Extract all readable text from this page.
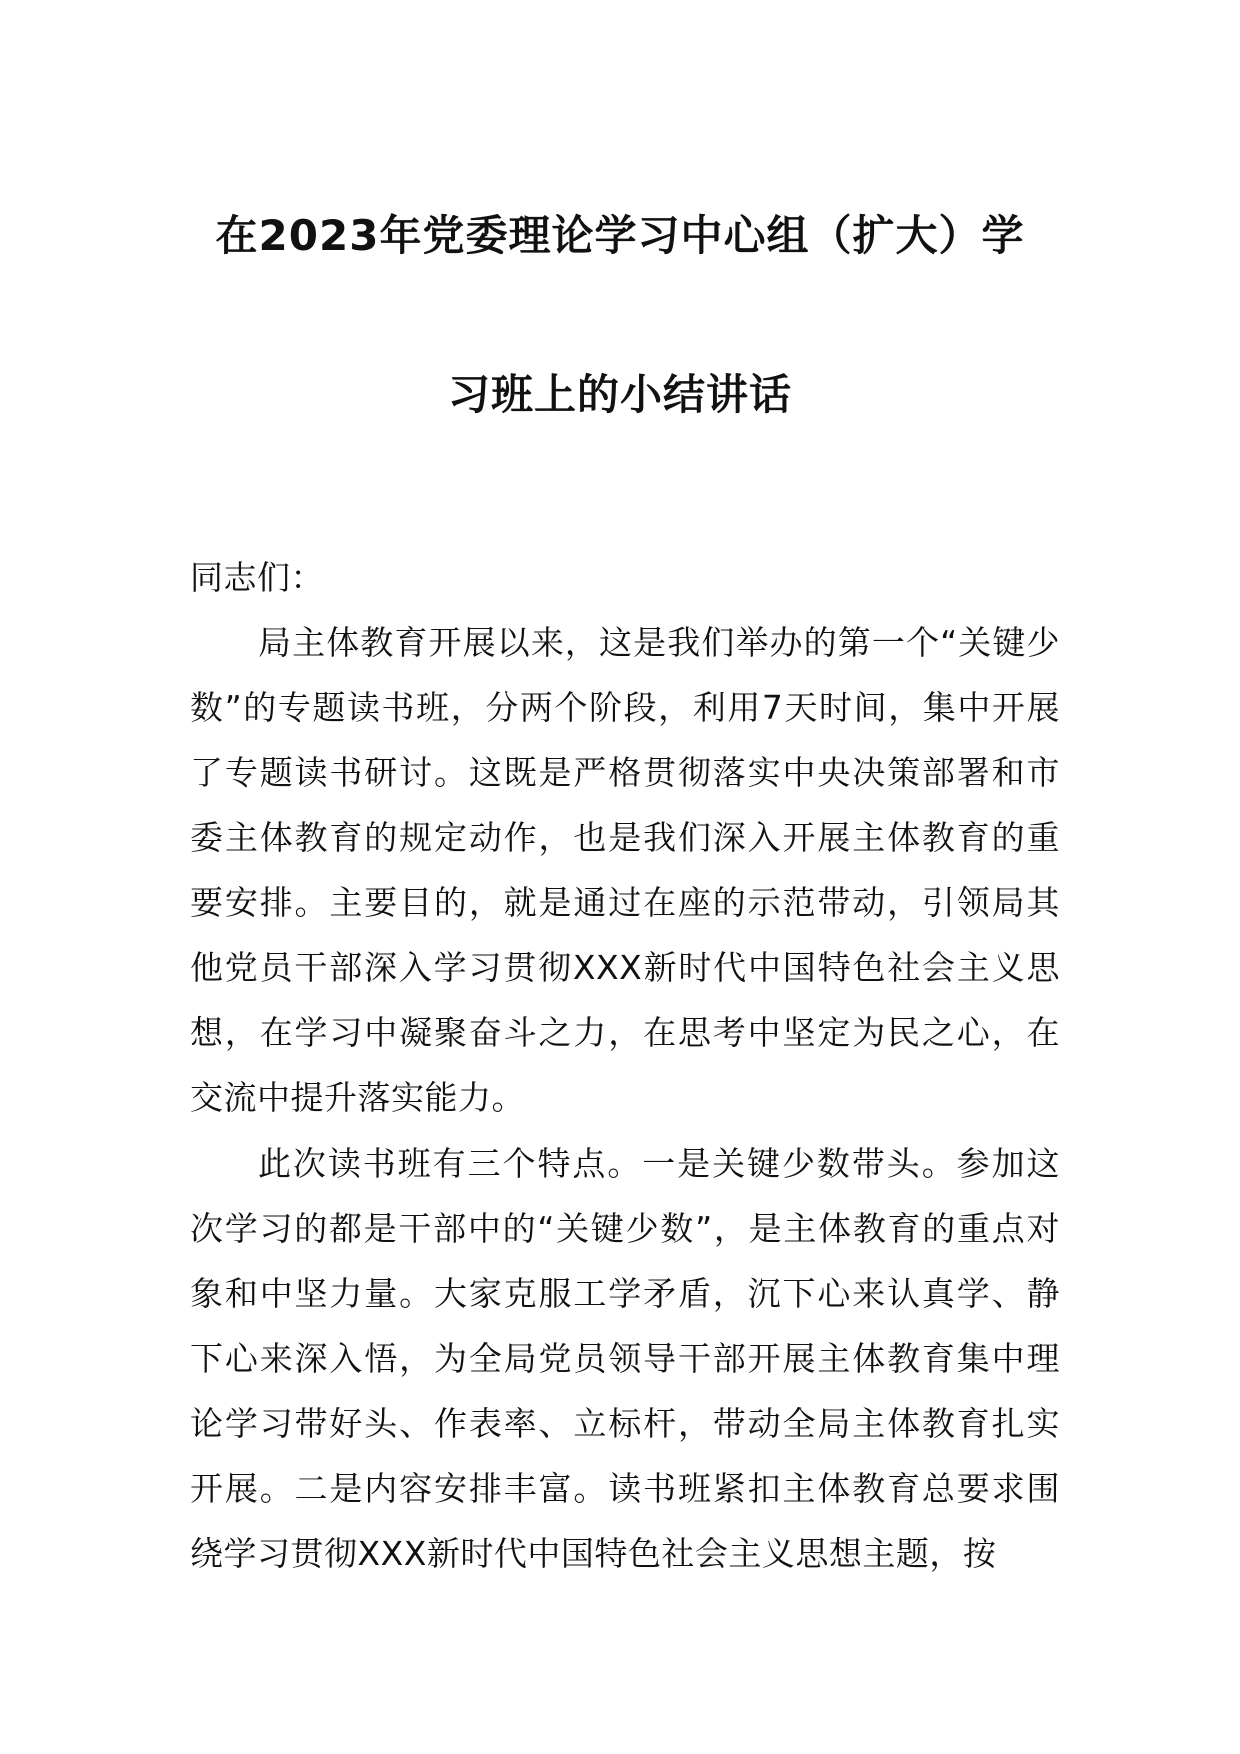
在2023年党委理论学习中心组（扩大）学
习班上的小结讲话
同志们：
局主体教育开展以来，这是我们举办的第一个“关键少数”的专题读书班，分两个阶段，利用7天时间，集中开展了专题读书研讨。这既是严格贯彻落实中央决策部署和市委主体教育的规定动作，也是我们深入开展主体教育的重要安排。主要目的，就是通过在座的示范带动，引领局其他党员干部深入学习贯彻XXX新时代中国特色社会主义思想，在学习中凝聚奋斗之力，在思考中坚定为民之心，在交流中提升落实能力。
此次读书班有三个特点。一是关键少数带头。参加这次学习的都是干部中的“关键少数”，是主体教育的重点对象和中坚力量。大家克服工学矛盾，沉下心来认真学、静下心来深入悟，为全局党员领导干部开展主体教育集中理论学习带好头、作表率、立标杆，带动全局主体教育扎实开展。二是内容安排丰富。读书班紧扣主体教育总要求围绕学习贯彻XXX新时代中国特色社会主义思想主题，按
